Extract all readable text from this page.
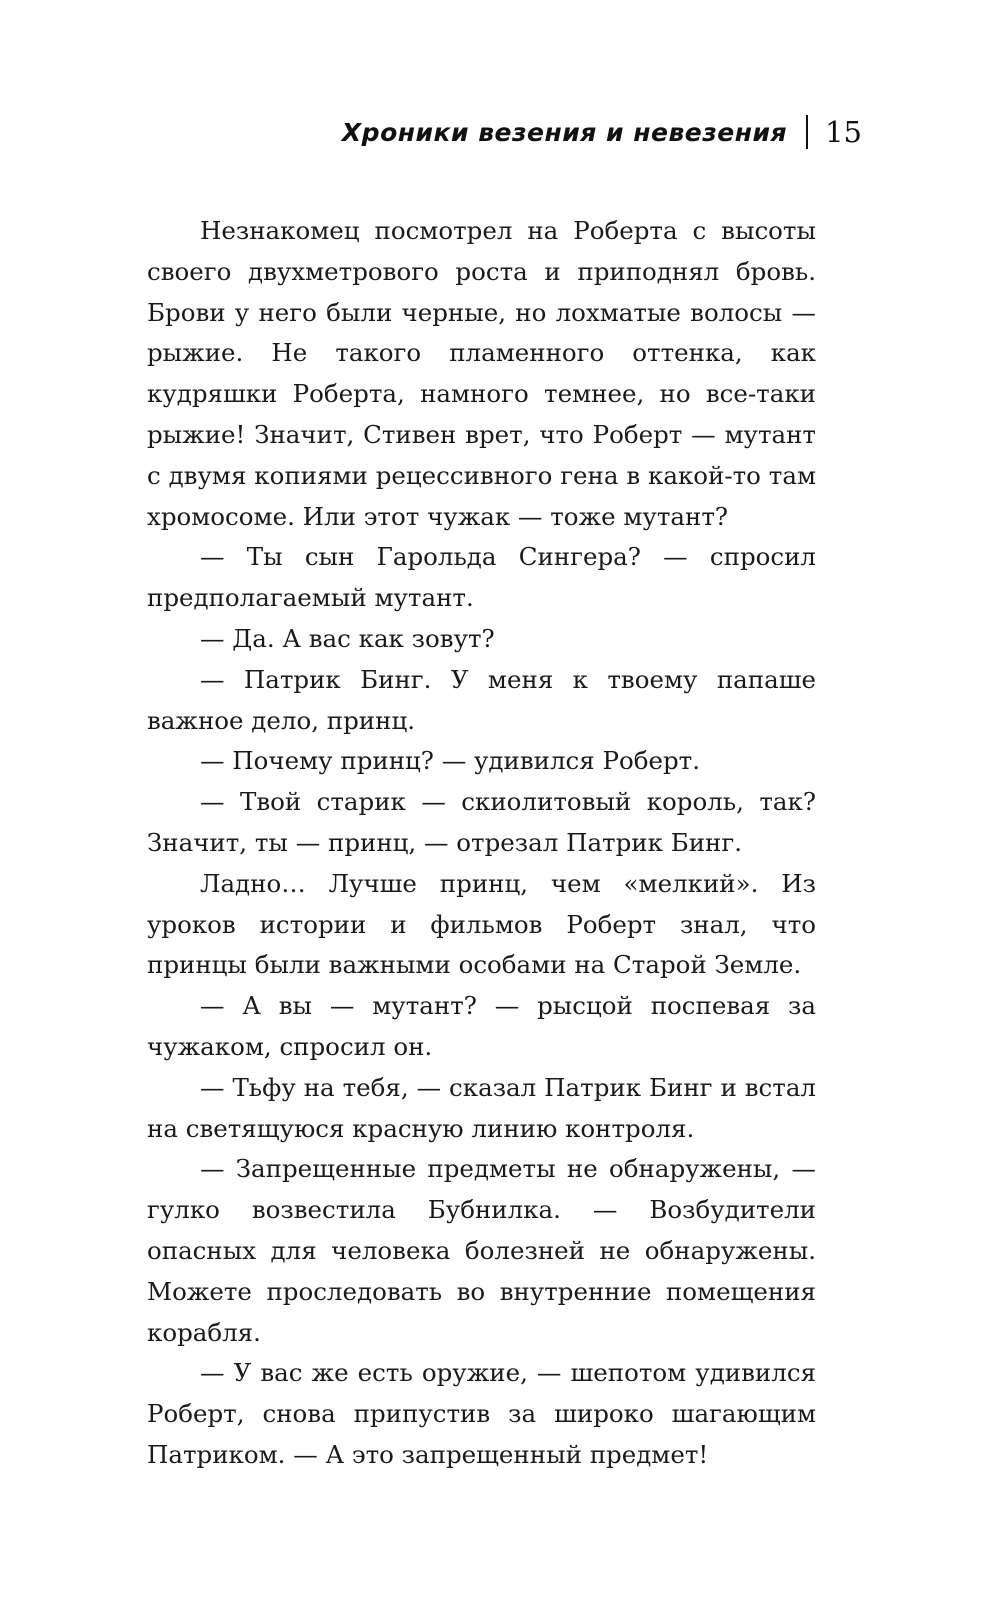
Хроники везения и невезения 15

Незнакомец посмотрел на Роберта с высоты своего двухметрового роста и приподнял бровь. Брови у него были черные, но лохматые волосы — рыжие. Не такого пламенного оттенка, как кудряшки Роберта, намного темнее, но все-таки рыжие! Значит, Стивен врет, что Роберт — мутант с двумя копиями рецессивного гена в какой-то там хромосоме. Или этот чужак — тоже мутант?

— Ты сын Гарольда Сингера? — спросил предполагаемый мутант.

— Да. А вас как зовут?

— Патрик Бинг. У меня к твоему папаше важное дело, принц.

— Почему принц? — удивился Роберт.

— Твой старик — скиолитовый король, так? Значит, ты — принц, — отрезал Патрик Бинг.

Ладно… Лучше принц, чем «мелкий». Из уроков истории и фильмов Роберт знал, что принцы были важными особами на Старой Земле.

— А вы — мутант? — рысцой поспевая за чужаком, спросил он.

— Тьфу на тебя, — сказал Патрик Бинг и встал на светящуюся красную линию контроля.

— Запрещенные предметы не обнаружены, — гулко возвестила Бубнилка. — Возбудители опасных для человека болезней не обнаружены. Можете проследовать во внутренние помещения корабля.

— У вас же есть оружие, — шепотом удивился Роберт, снова припустив за широко шагающим Патриком. — А это запрещенный предмет!
